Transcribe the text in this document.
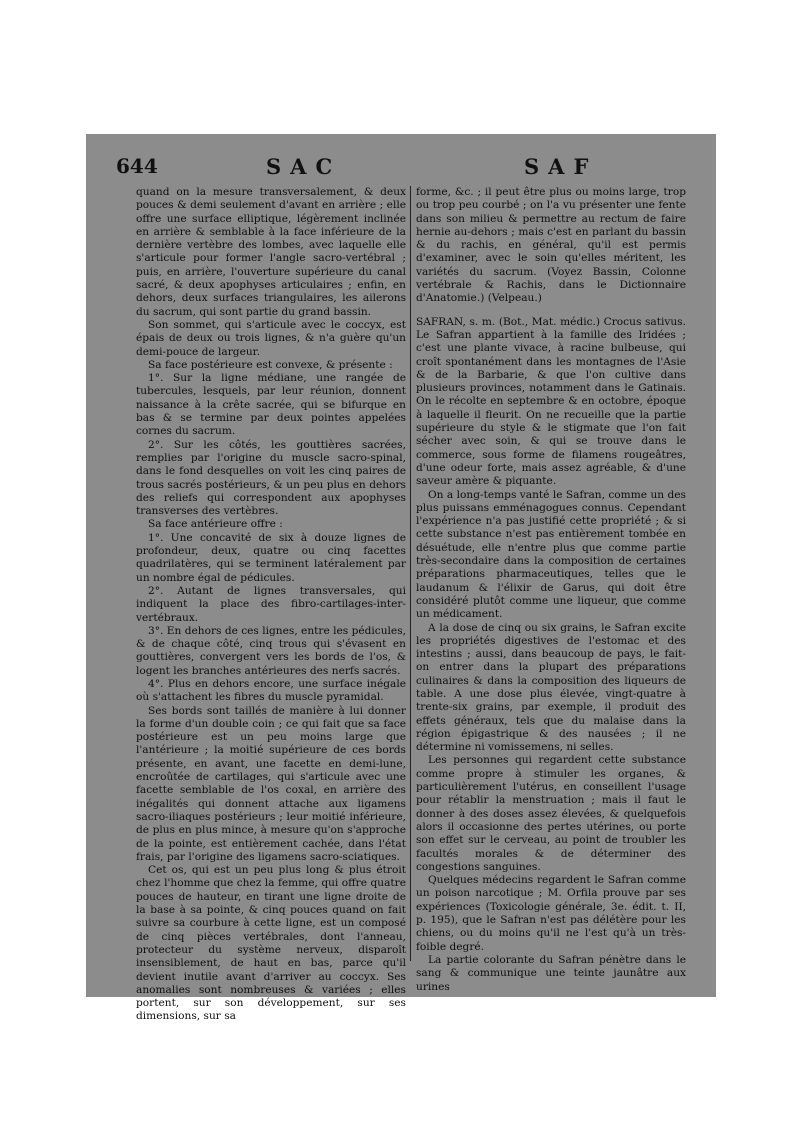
644	SAC	SAF

quand on la mesure transversalement, & deux pouces & demi seulement d'avant en arrière ; elle offre une surface elliptique, légèrement inclinée en arrière & semblable à la face inférieure de la dernière vertèbre des lombes, avec laquelle elle s'articule pour former l'angle sacro-vertébral ; puis, en arrière, l'ouverture supérieure du canal sacré, & deux apophyses articulaires ; enfin, en dehors, deux surfaces triangulaires, les ailerons du sacrum, qui sont partie du grand bassin.

Son sommet, qui s'articule avec le coccyx, est épais de deux ou trois lignes, & n'a guère qu'un demi-pouce de largeur.

Sa face postérieure est convexe, & présente :

1°. Sur la ligne médiane, une rangée de tubercules, lesquels, par leur réunion, donnent naissance à la crête sacrée, qui se bifurque en bas & se termine par deux pointes appelées cornes du sacrum.

2°. Sur les côtés, les gouttières sacrées, remplies par l'origine du muscle sacro-spinal, dans le fond desquelles on voit les cinq paires de trous sacrés postérieurs, & un peu plus en dehors des reliefs qui correspondent aux apophyses transverses des vertèbres.

Sa face antérieure offre :

1°. Une concavité de six à douze lignes de profondeur, deux, quatre ou cinq facettes quadrilatères, qui se terminent latéralement par un nombre égal de pédicules.

2°. Autant de lignes transversales, qui indiquent la place des fibro-cartilages-inter-vertébraux.

3°. En dehors de ces lignes, entre les pédicules, & de chaque côté, cinq trous qui s'évasent en gouttières, convergent vers les bords de l'os, & logent les branches antérieures des nerfs sacrés.

4°. Plus en dehors encore, une surface inégale où s'attachent les fibres du muscle pyramidal.

Ses bords sont taillés de manière à lui donner la forme d'un double coin ; ce qui fait que sa face postérieure est un peu moins large que l'antérieure ; la moitié supérieure de ces bords présente, en avant, une facette en demi-lune, encroûtée de cartilages, qui s'articule avec une facette semblable de l'os coxal, en arrière des inégalités qui donnent attache aux ligamens sacro-iliaques postérieurs ; leur moitié inférieure, de plus en plus mince, à mesure qu'on s'approche de la pointe, est entièrement cachée, dans l'état frais, par l'origine des ligamens sacro-sciatiques.

Cet os, qui est un peu plus long & plus étroit chez l'homme que chez la femme, qui offre quatre pouces de hauteur, en tirant une ligne droite de la base à sa pointe, & cinq pouces quand on fait suivre sa courbure à cette ligne, est un composé de cinq pièces vertébrales, dont l'anneau, protecteur du système nerveux, disparoît insensiblement, de haut en bas, parce qu'il devient inutile avant d'arriver au coccyx. Ses anomalies sont nombreuses & variées ; elles portent, sur son développement, sur ses dimensions, sur sa

forme, &c. ; il peut être plus ou moins large, trop ou trop peu courbé ; on l'a vu présenter une fente dans son milieu & permettre au rectum de faire hernie au-dehors ; mais c'est en parlant du bassin & du rachis, en général, qu'il est permis d'examiner, avec le soin qu'elles méritent, les variétés du sacrum. (Voyez Bassin, Colonne vertébrale & Rachis, dans le Dictionnaire d'Anatomie.) (Velpeau.)

SAFRAN, s. m. (Bot., Mat. médic.) Crocus sativus. Le Safran appartient à la famille des Iridées ; c'est une plante vivace, à racine bulbeuse, qui croît spontanément dans les montagnes de l'Asie & de la Barbarie, & que l'on cultive dans plusieurs provinces, notamment dans le Gatinais. On le récolte en septembre & en octobre, époque à laquelle il fleurit. On ne recueille que la partie supérieure du style & le stigmate que l'on fait sécher avec soin, & qui se trouve dans le commerce, sous forme de filamens rougeâtres, d'une odeur forte, mais assez agréable, & d'une saveur amère & piquante.

On a long-temps vanté le Safran, comme un des plus puissans emménagogues connus. Cependant l'expérience n'a pas justifié cette propriété ; & si cette substance n'est pas entièrement tombée en désuétude, elle n'entre plus que comme partie très-secondaire dans la composition de certaines préparations pharmaceutiques, telles que le laudanum & l'élixir de Garus, qui doit être considéré plutôt comme une liqueur, que comme un médicament.

A la dose de cinq ou six grains, le Safran excite les propriétés digestives de l'estomac et des intestins ; aussi, dans beaucoup de pays, le fait-on entrer dans la plupart des préparations culinaires & dans la composition des liqueurs de table. A une dose plus élevée, vingt-quatre à trente-six grains, par exemple, il produit des effets généraux, tels que du malaise dans la région épigastrique & des nausées ; il ne détermine ni vomissemens, ni selles.

Les personnes qui regardent cette substance comme propre à stimuler les organes, & particulièrement l'utérus, en conseillent l'usage pour rétablir la menstruation ; mais il faut le donner à des doses assez élevées, & quelquefois alors il occasionne des pertes utérines, ou porte son effet sur le cerveau, au point de troubler les facultés morales & de déterminer des congestions sanguines.

Quelques médecins regardent le Safran comme un poison narcotique ; M. Orfila prouve par ses expériences (Toxicologie générale, 3e. édit. t. II, p. 195), que le Safran n'est pas délétère pour les chiens, ou du moins qu'il ne l'est qu'à un très-foible degré.

La partie colorante du Safran pénètre dans le sang & communique une teinte jaunâtre aux urines
